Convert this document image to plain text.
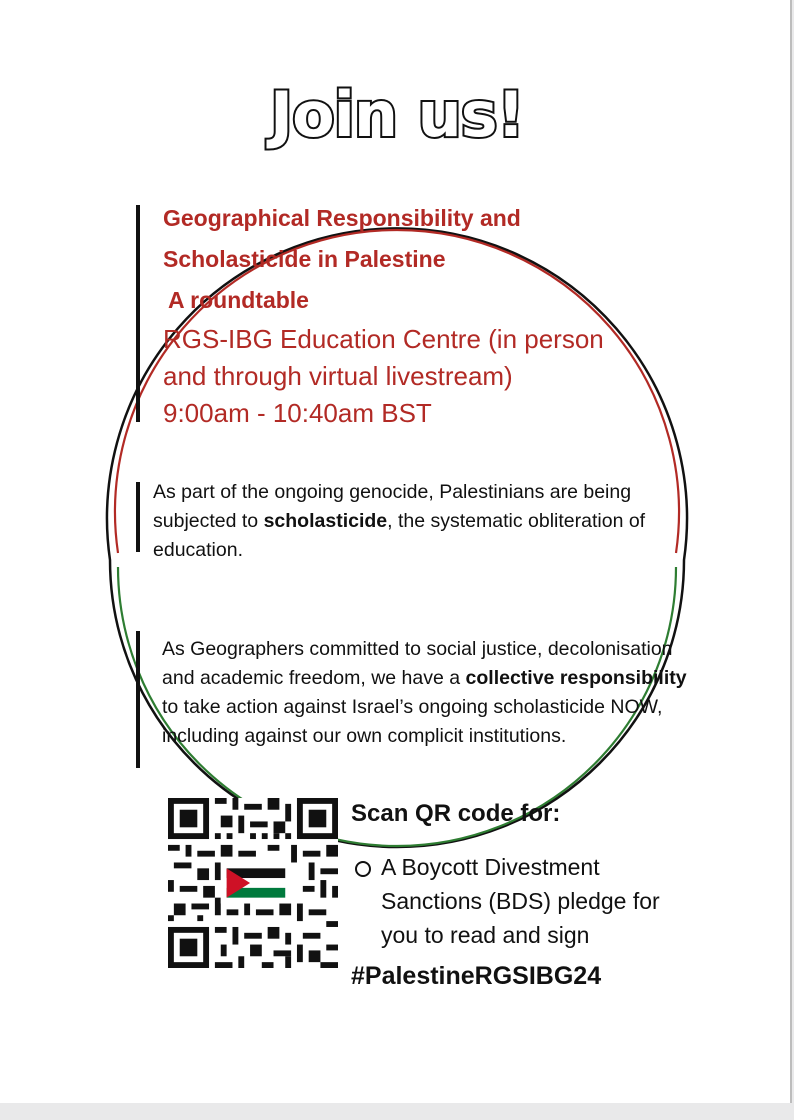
Join us!
Geographical Responsibility and
Scholasticide in Palestine
A roundtable
RGS-IBG Education Centre (in person
and through virtual livestream)
9:00am - 10:40am BST
As part of the ongoing genocide, Palestinians are being subjected to scholasticide, the systematic obliteration of education.
As Geographers committed to social justice, decolonisation and academic freedom, we have a collective responsibility to take action against Israel’s ongoing scholasticide NOW, including against our own complicit institutions.
Scan QR code for:
A Boycott Divestment Sanctions (BDS) pledge for you to read and sign
#PalestineRGSIBG24
